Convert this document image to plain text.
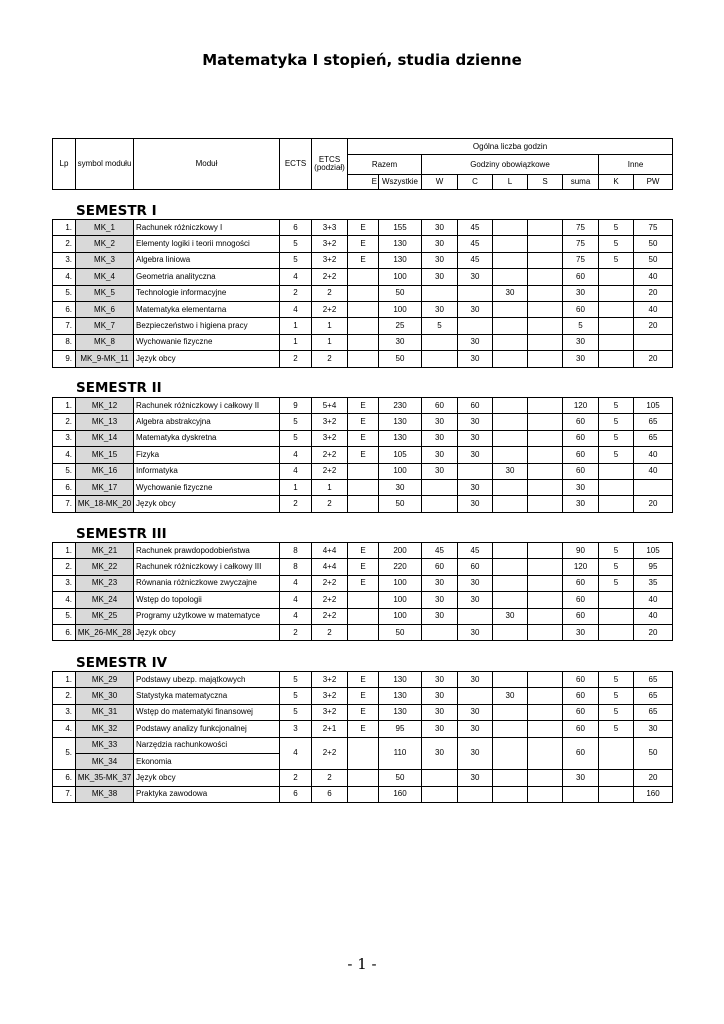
Matematyka I stopień, studia dzienne
Lp	symbol modułu	Moduł	ECTS	ETCS (podział)	Ogólna liczba godzin								
					Razem		Godziny obowiązkowe					Inne	
					E	Wszystkie	W	C	L	S	suma	K	PW
SEMESTR I
1.	MK_1	Rachunek różniczkowy I	6	3+3	E	155	30	45			75	5	75
2.	MK_2	Elementy logiki i teorii mnogości	5	3+2	E	130	30	45			75	5	50
3.	MK_3	Algebra liniowa	5	3+2	E	130	30	45			75	5	50
4.	MK_4	Geometria analityczna	4	2+2		100	30	30			60		40
5.	MK_5	Technologie informacyjne	2	2		50			30		30		20
6.	MK_6	Matematyka elementarna	4	2+2		100	30	30			60		40
7.	MK_7	Bezpieczeństwo i higiena pracy	1	1		25	5				5		20
8.	MK_8	Wychowanie fizyczne	1	1		30		30			30		
9.	MK_9-MK_11	Język obcy	2	2		50		30			30		20
SEMESTR II
1.	MK_12	Rachunek różniczkowy i całkowy II	9	5+4	E	230	60	60			120	5	105
2.	MK_13	Algebra abstrakcyjna	5	3+2	E	130	30	30			60	5	65
3.	MK_14	Matematyka dyskretna	5	3+2	E	130	30	30			60	5	65
4.	MK_15	Fizyka	4	2+2	E	105	30	30			60	5	40
5.	MK_16	Informatyka	4	2+2		100	30		30		60		40
6.	MK_17	Wychowanie fizyczne	1	1		30		30			30		
7.	MK_18-MK_20	Język obcy	2	2		50		30			30		20
SEMESTR III
1.	MK_21	Rachunek prawdopodobieństwa	8	4+4	E	200	45	45			90	5	105
2.	MK_22	Rachunek różniczkowy i całkowy III	8	4+4	E	220	60	60			120	5	95
3.	MK_23	Równania różniczkowe zwyczajne	4	2+2	E	100	30	30			60	5	35
4.	MK_24	Wstęp do topologii	4	2+2		100	30	30			60		40
5.	MK_25	Programy użytkowe w matematyce	4	2+2		100	30		30		60		40
6.	MK_26-MK_28	Język obcy	2	2		50		30			30		20
SEMESTR IV
1.	MK_29	Podstawy ubezp. majątkowych	5	3+2	E	130	30	30			60	5	65
2.	MK_30	Statystyka matematyczna	5	3+2	E	130	30		30		60	5	65
3.	MK_31	Wstęp do matematyki finansowej	5	3+2	E	130	30	30			60	5	65
4.	MK_32	Podstawy analizy funkcjonalnej	3	2+1	E	95	30	30			60	5	30
5.	MK_33	Narzędzia rachunkowości	4	2+2		110	30	30			60		50
	MK_34	Ekonomia											
6.	MK_35-MK_37	Język obcy	2	2		50		30			30		20
7.	MK_38	Praktyka zawodowa	6	6		160							160
- 1 -
